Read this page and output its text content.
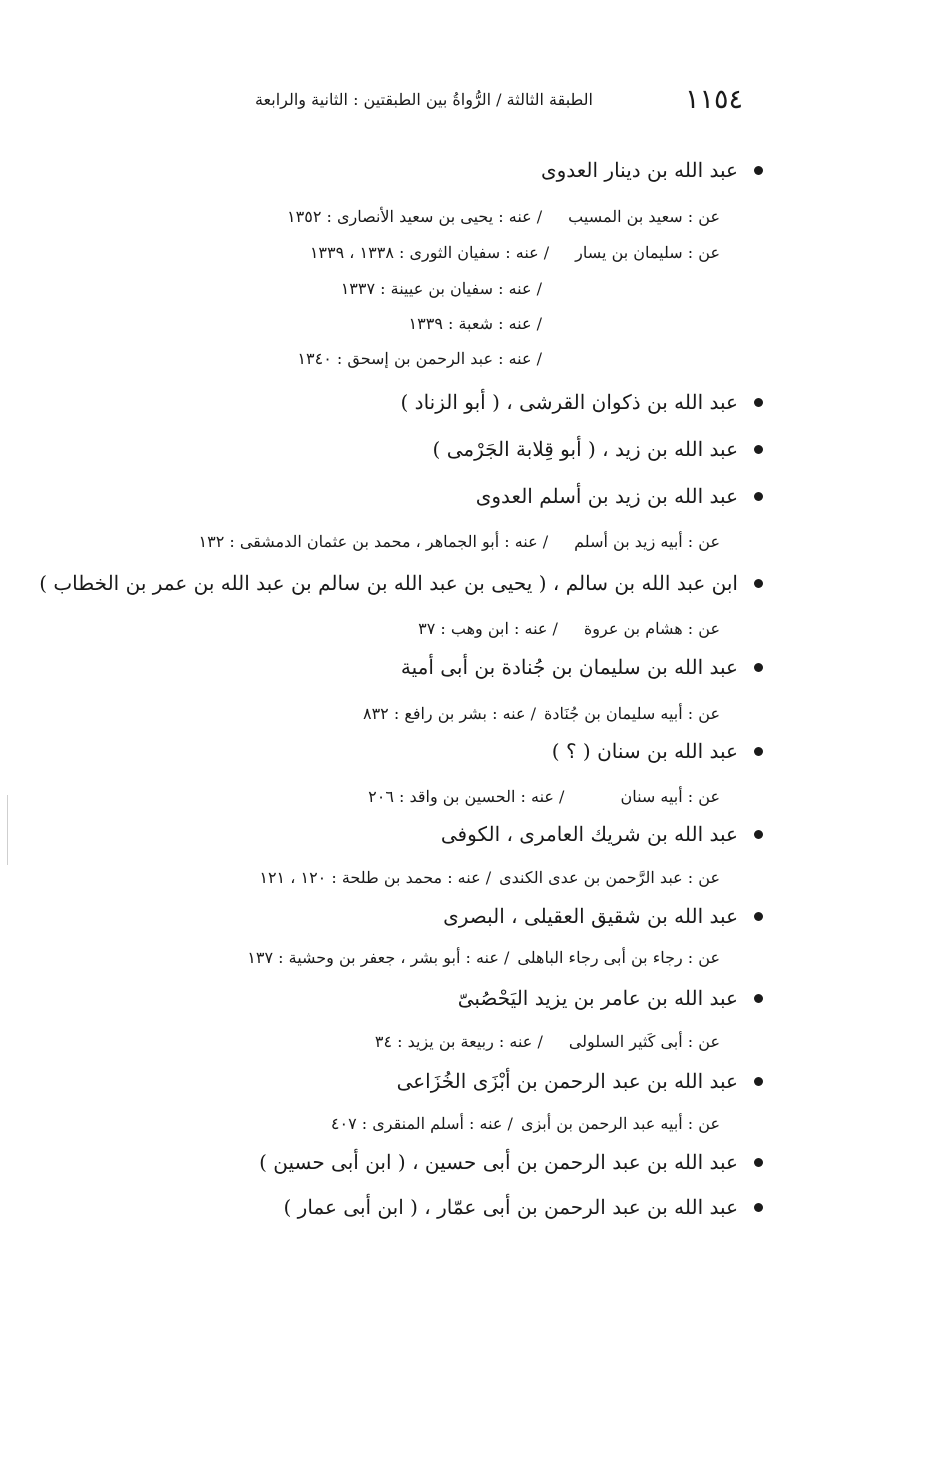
١١٥٤
الطبقة الثالثة / الرُّواةُ بين الطبقتين : الثانية والرابعة
عبد الله بن دينار العدوى
عن : سعيد بن المسيب/ عنه : يحيى بن سعيد الأنصارى : ١٣٥٢
عن : سليمان بن يسار/ عنه : سفيان الثورى : ١٣٣٨ ، ١٣٣٩
/ عنه : سفيان بن عيينة : ١٣٣٧
/ عنه : شعبة : ١٣٣٩
/ عنه : عبد الرحمن بن إسحق : ١٣٤٠
عبد الله بن ذكوان القرشى ، ( أبو الزناد )
عبد الله بن زيد ، ( أبو قِلابة الجَرْمى )
عبد الله بن زيد بن أسلم العدوى
عن : أبيه زيد بن أسلم/ عنه : أبو الجماهر ، محمد بن عثمان الدمشقى : ١٣٢
ابن عبد الله بن سالم ، ( يحيى بن عبد الله بن سالم بن عبد الله بن عمر بن الخطاب )
عن : هشام بن عروة/ عنه : ابن وهب : ٣٧
عبد الله بن سليمان بن جُنادة بن أبى أمية
عن : أبيه سليمان بن جُنَادة/ عنه : بشر بن رافع : ٨٣٢
عبد الله بن سنان ( ؟ )
عن : أبيه سنان/ عنه : الحسين بن واقد : ٢٠٦
عبد الله بن شريك العامرى ، الكوفى
عن : عبد الرَّحمن بن عدى الكندى/ عنه : محمد بن طلحة : ١٢٠ ، ١٢١
عبد الله بن شقيق العقيلى ، البصرى
عن : رجاء بن أبى رجاء الباهلى/ عنه : أبو بشر ، جعفر بن وحشية : ١٣٧
عبد الله بن عامر بن يزيد اليَحْصُبىّ
عن : أبى كَثير السلولى/ عنه : ربيعة بن يزيد : ٣٤
عبد الله بن عبد الرحمن بن أبْزَى الخُزَاعى
عن : أبيه عبد الرحمن بن أبزى/ عنه : أسلم المنقرى : ٤٠٧
عبد الله بن عبد الرحمن بن أبى حسين ، ( ابن أبى حسين )
عبد الله بن عبد الرحمن بن أبى عمّار ، ( ابن أبى عمار )
